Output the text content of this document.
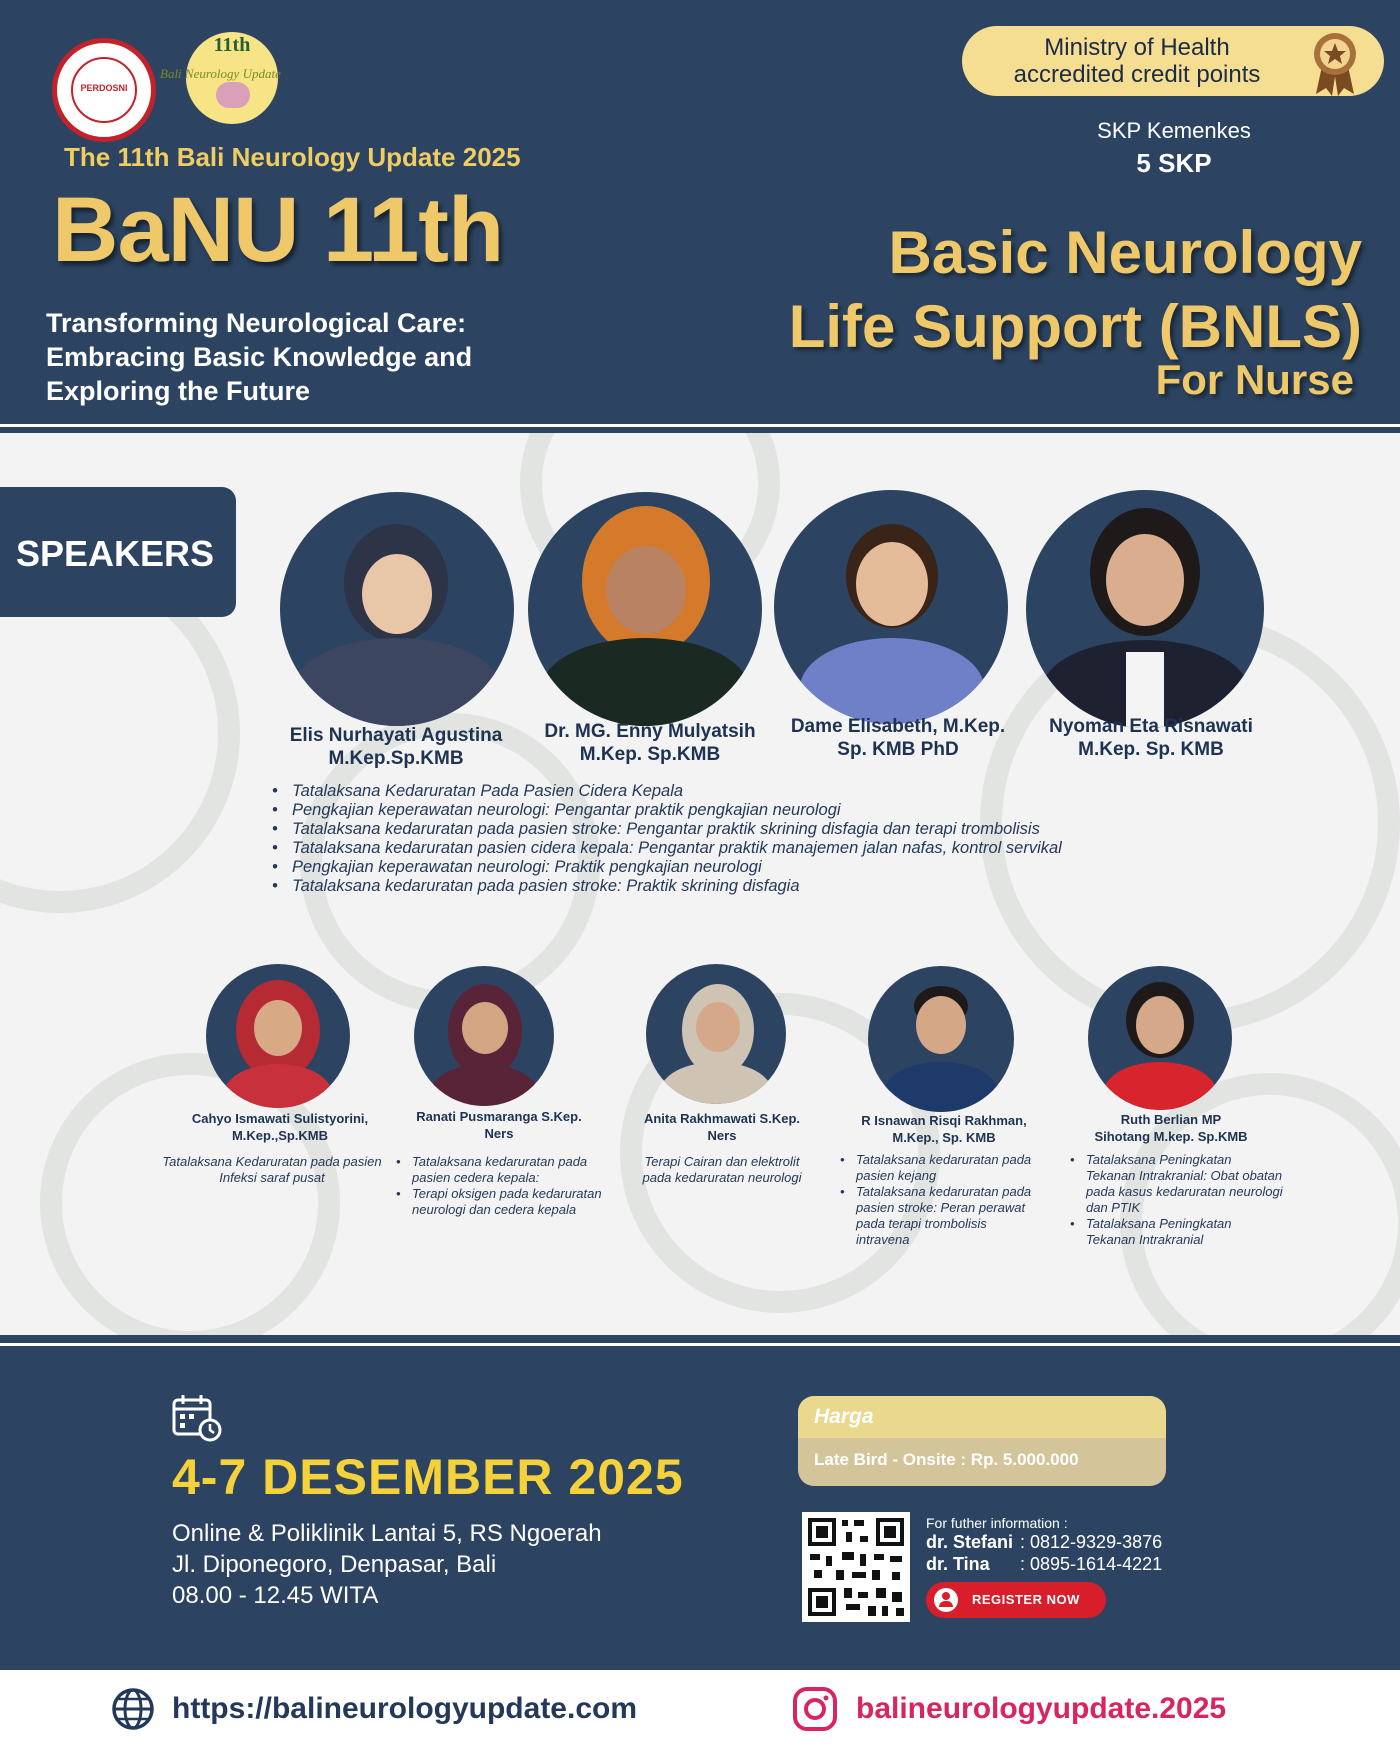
PERDOSNI
11th
Bali Neurology Update
The 11th Bali Neurology Update 2025
BaNU 11th
Transforming Neurological Care: Embracing Basic Knowledge and Exploring the Future
Ministry of Health accredited credit points
SKP Kemenkes
5 SKP
Basic Neurology
Life Support (BNLS)
For Nurse
SPEAKERS
Elis Nurhayati Agustina
M.Kep.Sp.KMB
Dr. MG. Enny Mulyatsih
M.Kep. Sp.KMB
Dame Elisabeth, M.Kep.
Sp. KMB PhD
Nyoman Eta Risnawati
M.Kep. Sp. KMB
• Tatalaksana Kedaruratan Pada Pasien Cidera Kepala
• Pengkajian keperawatan neurologi: Pengantar praktik pengkajian neurologi
• Tatalaksana kedaruratan pada pasien stroke: Pengantar praktik skrining disfagia dan terapi trombolisis
• Tatalaksana kedaruratan pasien cidera kepala: Pengantar praktik manajemen jalan nafas, kontrol servikal
• Pengkajian keperawatan neurologi: Praktik pengkajian neurologi
• Tatalaksana kedaruratan pada pasien stroke: Praktik skrining disfagia
Cahyo Ismawati Sulistyorini,
M.Kep.,Sp.KMB
Ranati Pusmaranga S.Kep.
Ners
Anita Rakhmawati S.Kep.
Ners
R Isnawan Risqi Rakhman,
M.Kep., Sp. KMB
Ruth Berlian MP
Sihotang M.kep. Sp.KMB
Tatalaksana Kedaruratan pada pasien Infeksi saraf pusat
• Tatalaksana kedaruratan pada pasien cedera kepala:
• Terapi oksigen pada kedaruratan neurologi dan cedera kepala
Terapi Cairan dan elektrolit pada kedaruratan neurologi
• Tatalaksana kedaruratan pada pasien kejang
• Tatalaksana kedaruratan pada pasien stroke: Peran perawat pada terapi trombolisis intravena
• Tatalaksana Peningkatan Tekanan Intrakranial: Obat obatan pada kasus kedaruratan neurologi dan PTIK
• Tatalaksana Peningkatan Tekanan Intrakranial
4-7 DESEMBER 2025
Online & Poliklinik Lantai 5, RS Ngoerah
Jl. Diponegoro, Denpasar, Bali
08.00 - 12.45 WITA
Harga
Late Bird - Onsite : Rp. 5.000.000
For futher information :
dr. Stefani : 0812-9329-3876
dr. Tina : 0895-1614-4221
REGISTER NOW
https://balineurologyupdate.com	balineurologyupdate.2025
